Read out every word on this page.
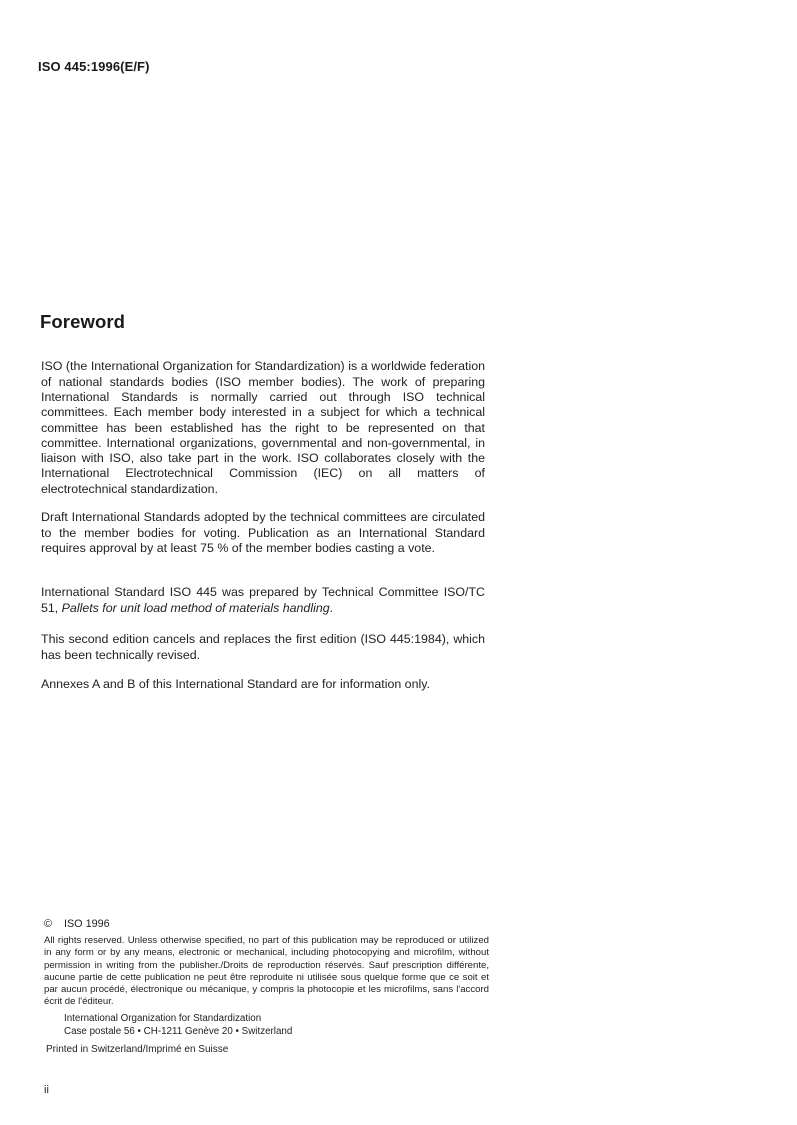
ISO 445:1996(E/F)
Foreword

ISO (the International Organization for Standardization) is a worldwide federation of national standards bodies (ISO member bodies). The work of preparing International Standards is normally carried out through ISO technical committees. Each member body interested in a subject for which a technical committee has been established has the right to be represented on that committee. International organizations, governmental and non-governmental, in liaison with ISO, also take part in the work. ISO collaborates closely with the International Electrotechnical Commission (IEC) on all matters of electrotechnical standardization.

Draft International Standards adopted by the technical committees are circulated to the member bodies for voting. Publication as an International Standard requires approval by at least 75 % of the member bodies casting a vote.

International Standard ISO 445 was prepared by Technical Committee ISO/TC 51, Pallets for unit load method of materials handling.

This second edition cancels and replaces the first edition (ISO 445:1984), which has been technically revised.

Annexes A and B of this International Standard are for information only.

© ISO 1996
All rights reserved. Unless otherwise specified, no part of this publication may be reproduced or utilized in any form or by any means, electronic or mechanical, including photocopying and microfilm, without permission in writing from the publisher./Droits de reproduction réservés. Sauf prescription différente, aucune partie de cette publication ne peut être reproduite ni utilisée sous quelque forme que ce soit et par aucun procédé, électronique ou mécanique, y compris la photocopie et les microfilms, sans l'accord écrit de l'éditeur.
International Organization for Standardization
Case postale 56 • CH-1211 Genève 20 • Switzerland
Printed in Switzerland/Imprimé en Suisse
ii
